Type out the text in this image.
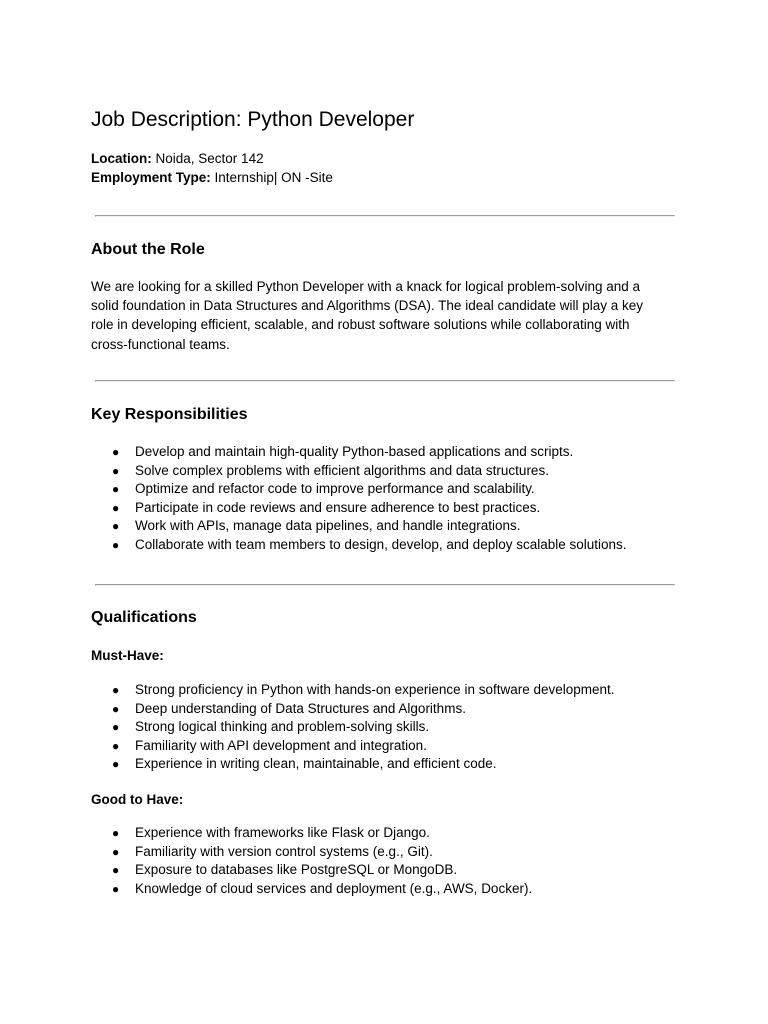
Job Description: Python Developer

Location: Noida, Sector 142

Employment Type: Internship| ON -Site

About the Role

We are looking for a skilled Python Developer with a knack for logical problem-solving and a
solid foundation in Data Structures and Algorithms (DSA). The ideal candidate will play a key
role in developing efficient, scalable, and robust software solutions while collaborating with
cross-functional teams.

Key Responsibilities
● Develop and maintain high-quality Python-based applications and scripts.
● Solve complex problems with efficient algorithms and data structures.
● Optimize and refactor code to improve performance and scalability.
● Participate in code reviews and ensure adherence to best practices.
● Work with APIs, manage data pipelines, and handle integrations.
● Collaborate with team members to design, develop, and deploy scalable solutions.
Qualifications
Must-Have:
● Strong proficiency in Python with hands-on experience in software development.
● Deep understanding of Data Structures and Algorithms.
● Strong logical thinking and problem-solving skills.
● Familiarity with API development and integration.
● Experience in writing clean, maintainable, and efficient code.
Good to Have:
● Experience with frameworks like Flask or Django.
● Familiarity with version control systems (e.g., Git).
● Exposure to databases like PostgreSQL or MongoDB.
● Knowledge of cloud services and deployment (e.g., AWS, Docker).
